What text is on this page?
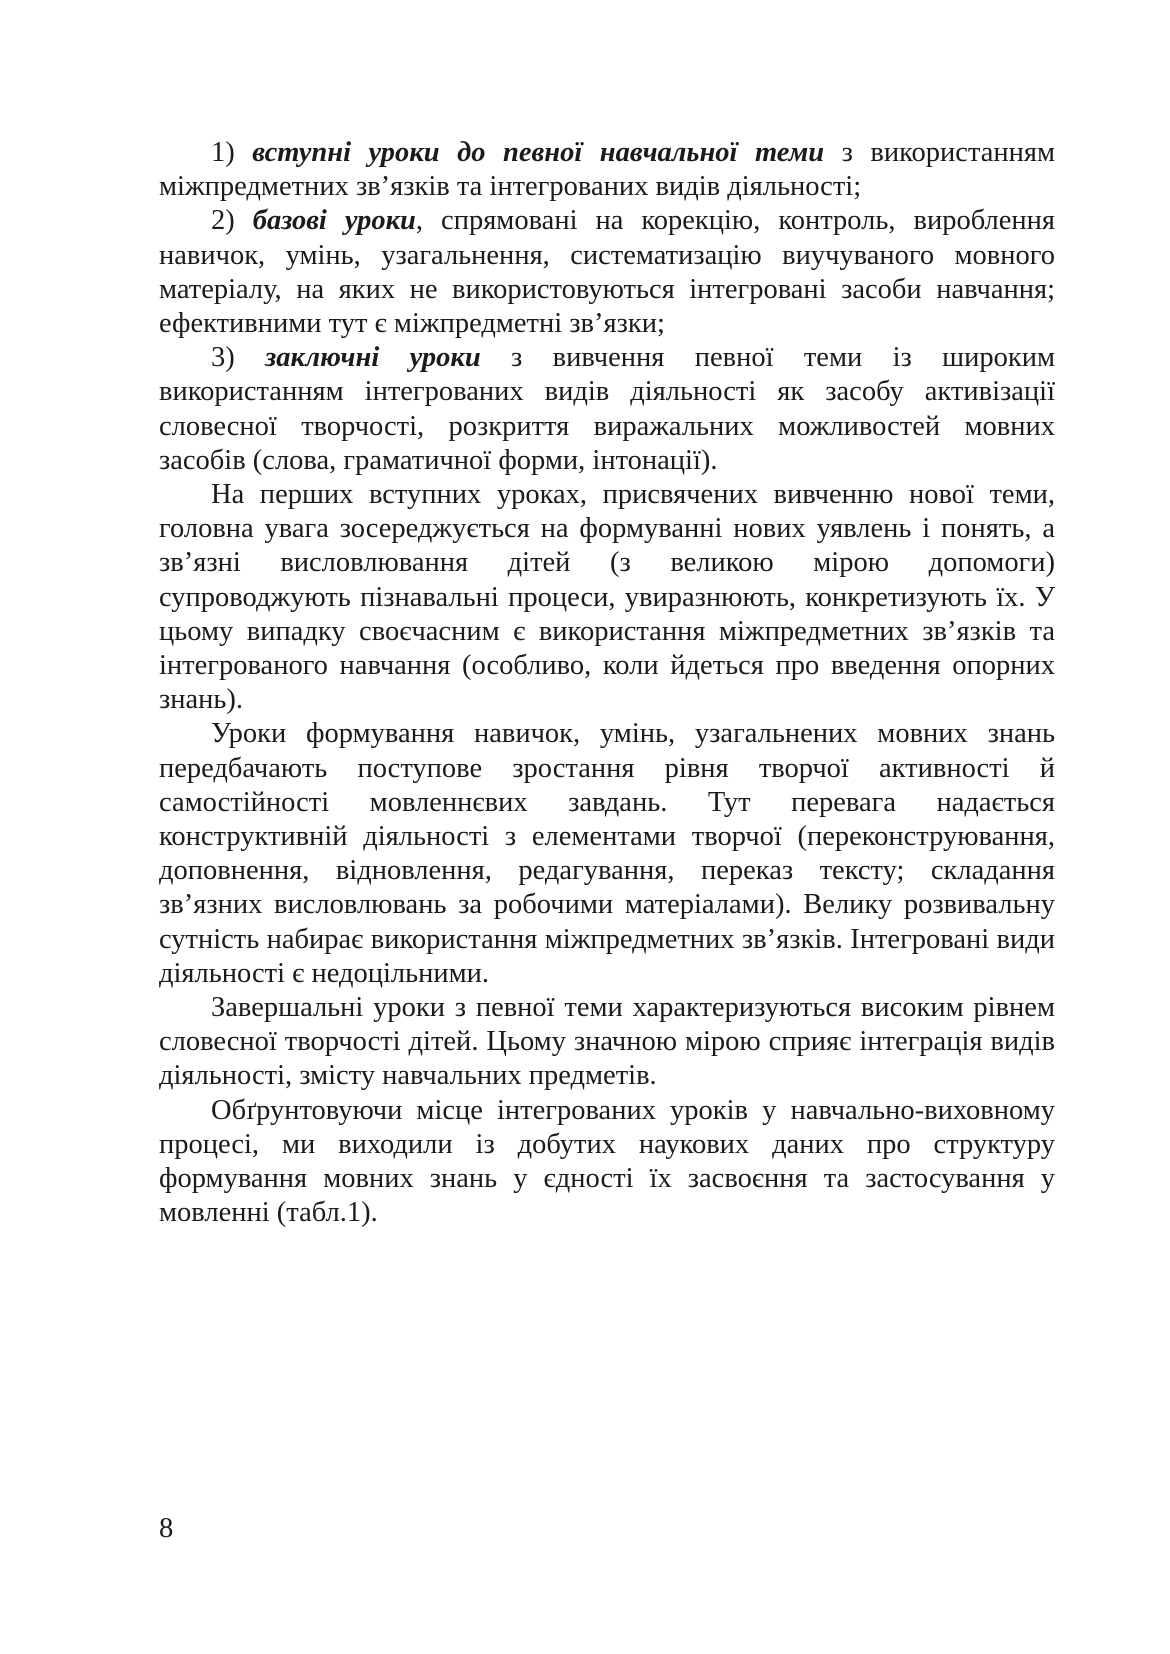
1) вступні уроки до певної навчальної теми з використанням міжпредметних зв’язків та інтегрованих видів діяльності;

2) базові уроки, спрямовані на корекцію, контроль, вироблення навичок, умінь, узагальнення, систематизацію виучуваного мовного матеріалу, на яких не використовуються інтегровані засоби навчання; ефективними тут є міжпредметні зв’язки;

3) заключні уроки з вивчення певної теми із широким використанням інтегрованих видів діяльності як засобу активізації словесної творчості, розкриття виражальних можливостей мовних засобів (слова, граматичної форми, інтонації).

На перших вступних уроках, присвячених вивченню нової теми, головна увага зосереджується на формуванні нових уявлень і понять, а зв’язні висловлювання дітей (з великою мірою допомоги) супроводжують пізнавальні процеси, увиразнюють, конкретизують їх. У цьому випадку своєчасним є використання міжпредметних зв’язків та інтегрованого навчання (особливо, коли йдеться про введення опорних знань).

Уроки формування навичок, умінь, узагальнених мовних знань передбачають поступове зростання рівня творчої активності й самостійності мовленнєвих завдань. Тут перевага надається конструктивній діяльності з елементами творчої (переконструювання, доповнення, відновлення, редагування, переказ тексту; складання зв’язних висловлювань за робочими матеріалами). Велику розвивальну сутність набирає використання міжпредметних зв’язків. Інтегровані види діяльності є недоцільними.

Завершальні уроки з певної теми характеризуються високим рівнем словесної творчості дітей. Цьому значною мірою сприяє інтеграція видів діяльності, змісту навчальних предметів.

Обґрунтовуючи місце інтегрованих уроків у навчально-виховному процесі, ми виходили із добутих наукових даних про структуру формування мовних знань у єдності їх засвоєння та застосування у мовленні (табл.1).

8
